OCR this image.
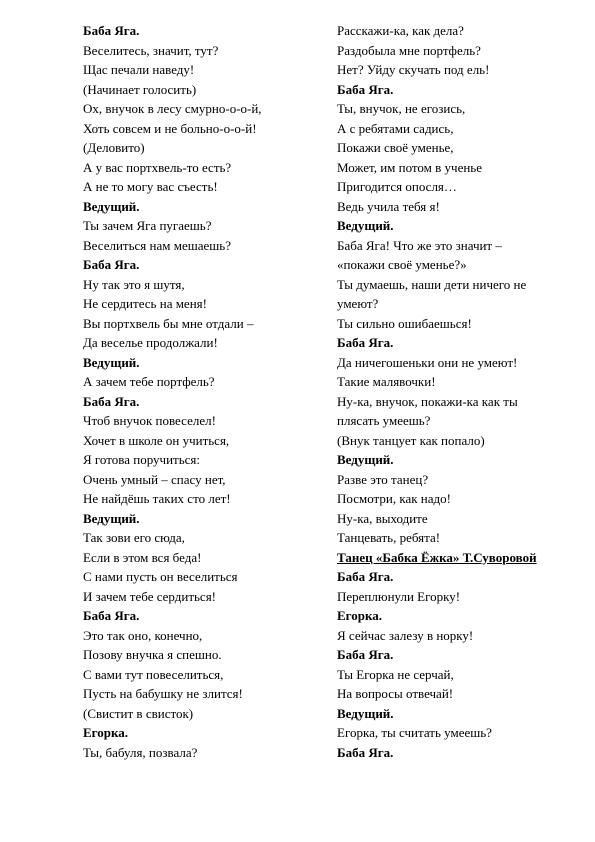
Баба Яга.
Веселитесь, значит, тут?
Щас печали наведу!
(Начинает голосить)
Ох, внучок в лесу смурно-о-о-й,
Хоть совсем и не больно-о-о-й!
(Деловито)
А у вас портхвель-то есть?
А не то могу вас съесть!
Ведущий.
Ты зачем Яга пугаешь?
Веселиться нам мешаешь?
Баба Яга.
Ну так это я шутя,
Не сердитесь на меня!
Вы портхвель бы мне отдали –
Да веселье продолжали!
Ведущий.
А зачем тебе портфель?
Баба Яга.
Чтоб внучок повеселел!
Хочет в школе он учиться,
Я готова поручиться:
Очень умный – спасу нет,
Не найдёшь таких сто лет!
Ведущий.
Так зови его сюда,
Если в этом вся беда!
С нами пусть он веселиться
И зачем тебе сердиться!
Баба Яга.
Это так оно, конечно,
Позову внучка я спешно.
С вами тут повеселиться,
Пусть на бабушку не злится!
(Свистит в свисток)
Егорка.
Ты, бабуля, позвала?
Расскажи-ка, как дела?
Раздобыла мне портфель?
Нет? Уйду скучать под ель!
Баба Яга.
Ты, внучок, не егозись,
А с ребятами садись,
Покажи своё уменье,
Может, им потом в ученье
Пригодится опосля…
Ведь учила тебя я!
Ведущий.
Баба Яга! Что же это значит –
«покажи своё уменье?»
Ты думаешь, наши дети ничего не
умеют?
Ты сильно ошибаешься!
Баба Яга.
Да ничегошеньки они не умеют!
Такие малявочки!
Ну-ка, внучок, покажи-ка как ты
плясать умеешь?
(Внук танцует как попало)
Ведущий.
Разве это танец?
Посмотри, как надо!
Ну-ка, выходите
Танцевать, ребята!
Танец «Бабка Ёжка» Т.Суворовой
Баба Яга.
Переплюнули Егорку!
Егорка.
Я сейчас залезу в норку!
Баба Яга.
Ты Егорка не серчай,
На вопросы отвечай!
Ведущий.
Егорка, ты считать умеешь?
Баба Яга.
